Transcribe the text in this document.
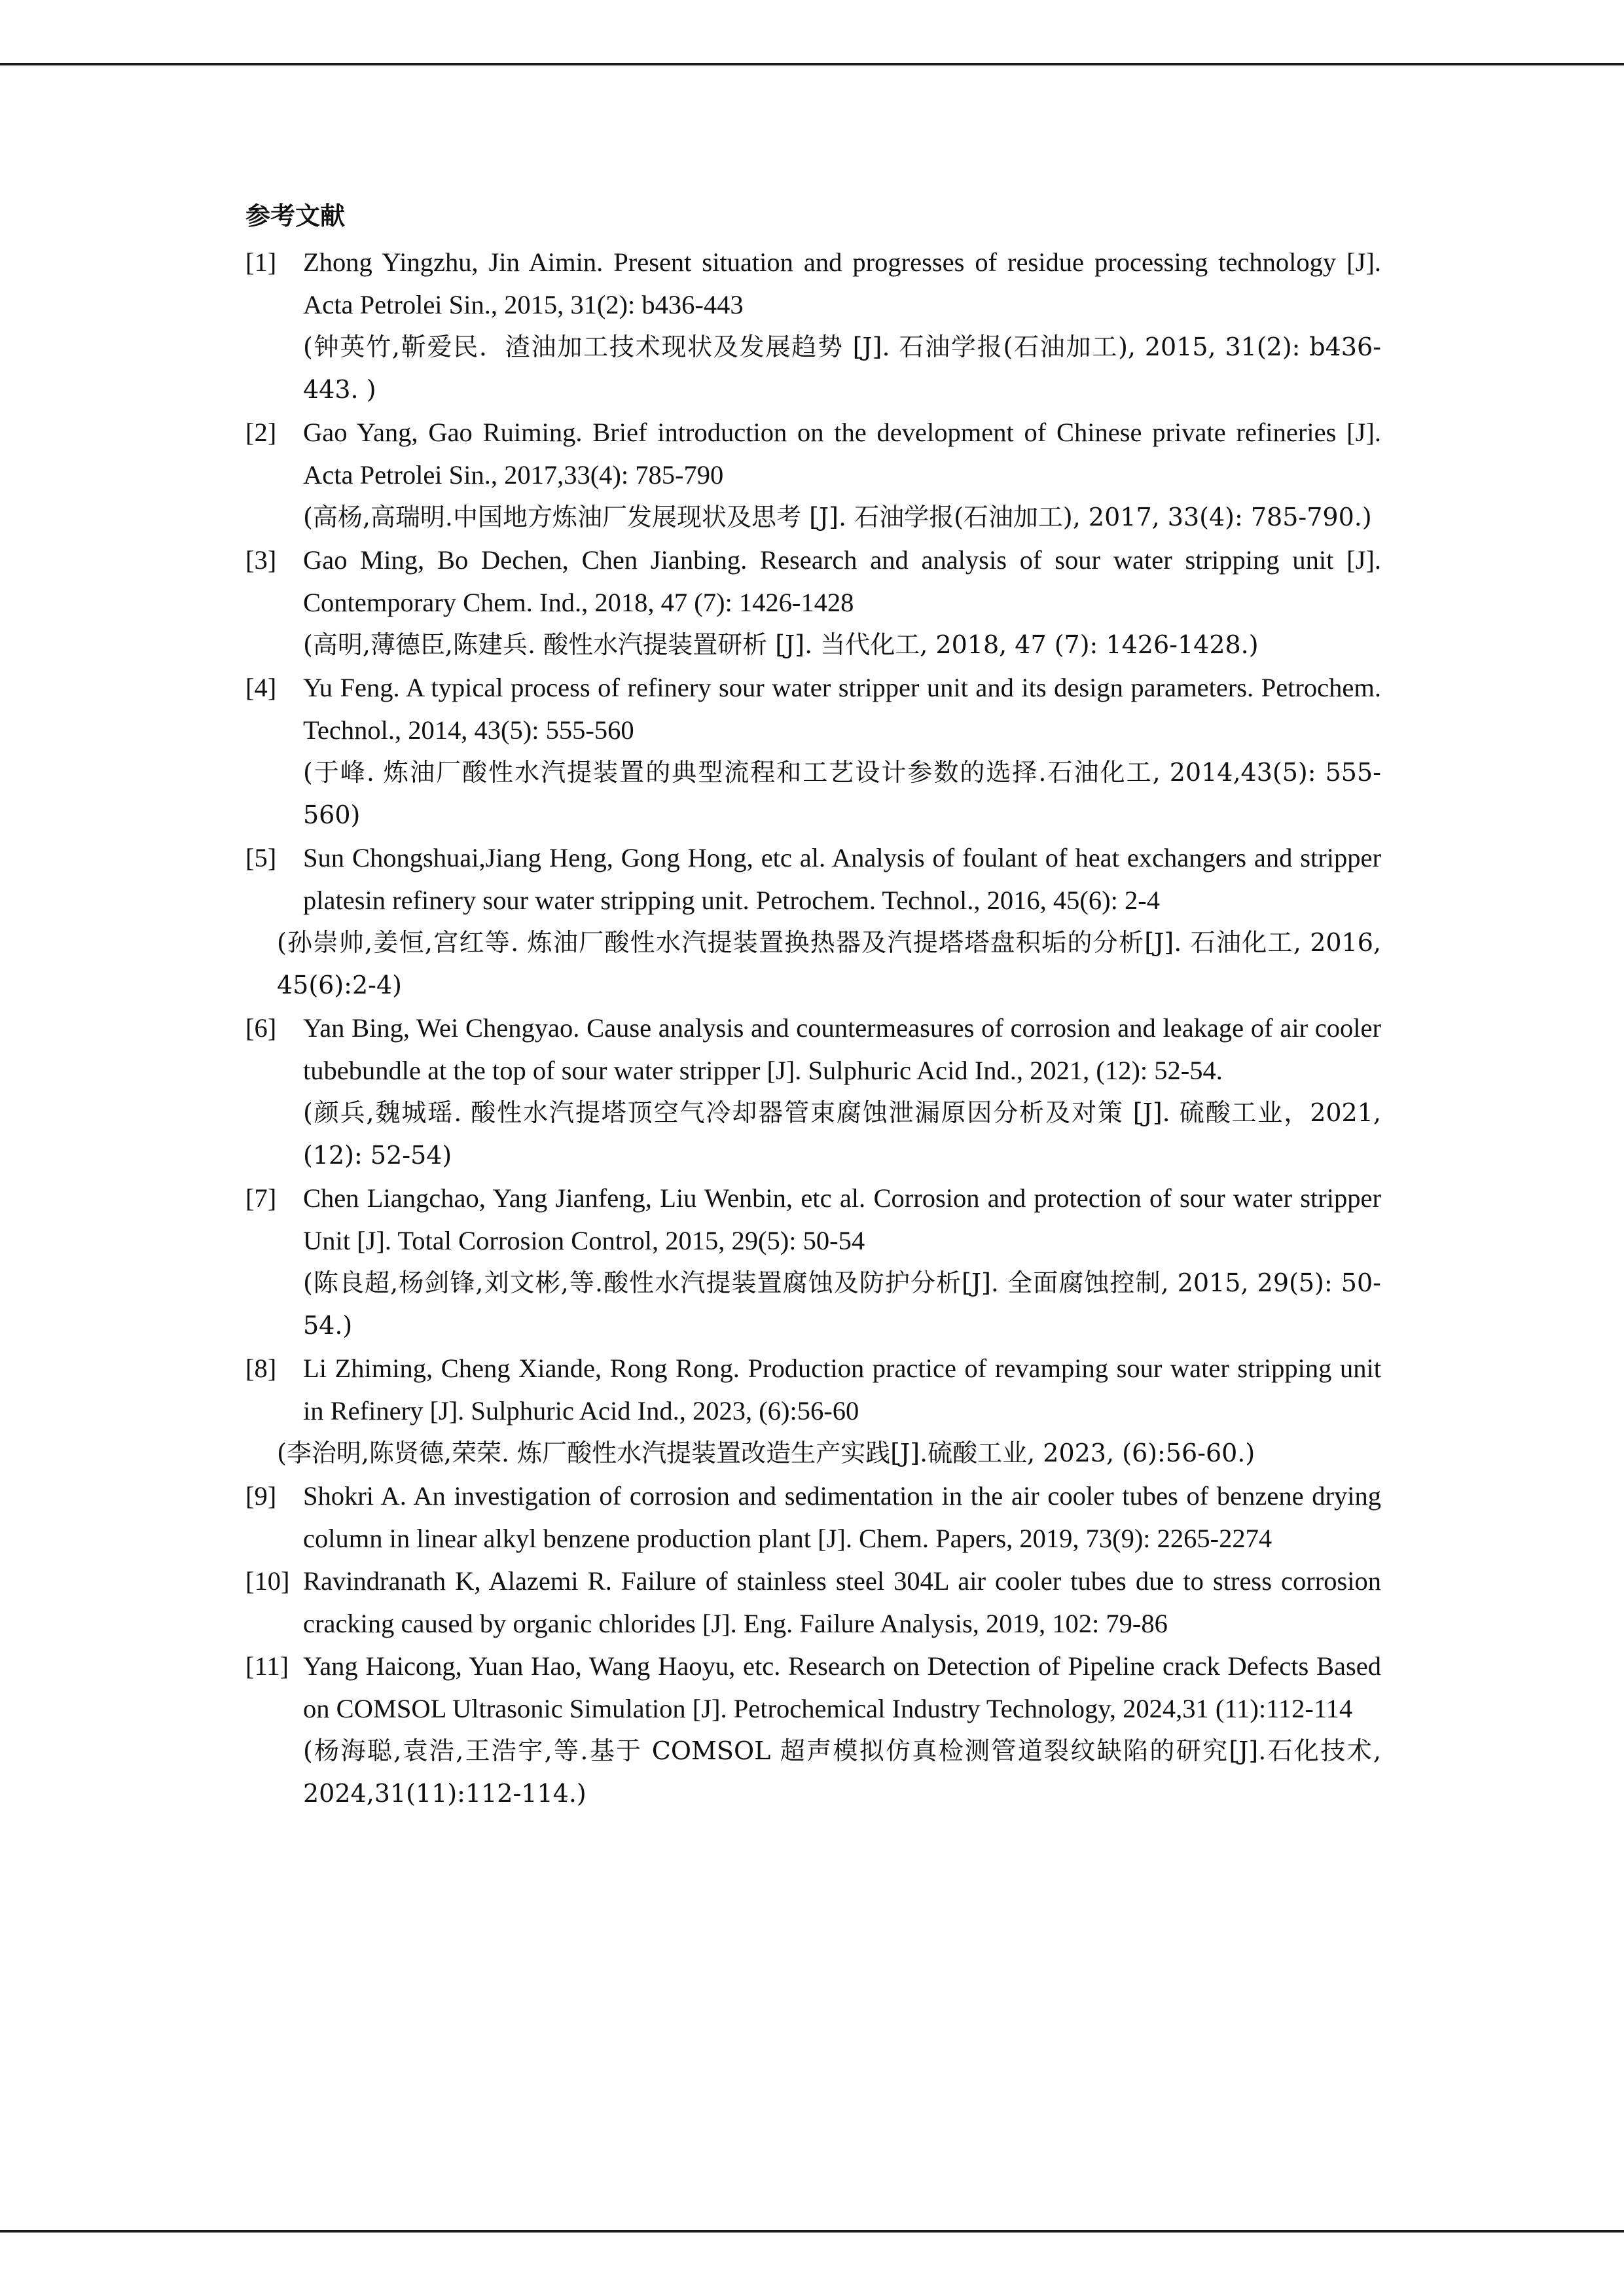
参考文献
[1] Zhong Yingzhu, Jin Aimin. Present situation and progresses of residue processing technology [J]. Acta Petrolei Sin., 2015, 31(2): b436-443
(钟英竹,靳爱民．渣油加工技术现状及发展趋势 [J]. 石油学报(石油加工), 2015, 31(2): b436-443. )
[2] Gao Yang, Gao Ruiming. Brief introduction on the development of Chinese private refineries [J]. Acta Petrolei Sin., 2017,33(4): 785-790
(高杨,高瑞明.中国地方炼油厂发展现状及思考 [J]. 石油学报(石油加工), 2017, 33(4): 785-790.)
[3] Gao Ming, Bo Dechen, Chen Jianbing. Research and analysis of sour water stripping unit [J]. Contemporary Chem. Ind., 2018, 47 (7): 1426-1428
(高明,薄德臣,陈建兵. 酸性水汽提装置研析 [J]. 当代化工, 2018, 47 (7): 1426-1428.)
[4] Yu Feng. A typical process of refinery sour water stripper unit and its design parameters. Petrochem. Technol., 2014, 43(5): 555-560
(于峰. 炼油厂酸性水汽提装置的典型流程和工艺设计参数的选择.石油化工, 2014,43(5): 555-560)
[5] Sun Chongshuai,Jiang Heng, Gong Hong, etc al. Analysis of foulant of heat exchangers and stripper platesin refinery sour water stripping unit. Petrochem. Technol., 2016, 45(6): 2-4
(孙崇帅,姜恒,宫红等. 炼油厂酸性水汽提装置换热器及汽提塔塔盘积垢的分析[J]. 石油化工, 2016, 45(6):2-4)
[6] Yan Bing, Wei Chengyao. Cause analysis and countermeasures of corrosion and leakage of air cooler tubebundle at the top of sour water stripper [J]. Sulphuric Acid Ind., 2021, (12): 52-54.
(颜兵,魏城瑶. 酸性水汽提塔顶空气冷却器管束腐蚀泄漏原因分析及对策 [J]. 硫酸工业，2021, (12): 52-54)
[7] Chen Liangchao, Yang Jianfeng, Liu Wenbin, etc al. Corrosion and protection of sour water stripper Unit [J]. Total Corrosion Control, 2015, 29(5): 50-54
(陈良超,杨剑锋,刘文彬,等.酸性水汽提装置腐蚀及防护分析[J]. 全面腐蚀控制, 2015, 29(5): 50-54.)
[8] Li Zhiming, Cheng Xiande, Rong Rong. Production practice of revamping sour water stripping unit in Refinery [J]. Sulphuric Acid Ind., 2023, (6):56-60
(李治明,陈贤德,荣荣. 炼厂酸性水汽提装置改造生产实践[J].硫酸工业, 2023, (6):56-60.)
[9] Shokri A. An investigation of corrosion and sedimentation in the air cooler tubes of benzene drying column in linear alkyl benzene production plant [J]. Chem. Papers, 2019, 73(9): 2265-2274
[10] Ravindranath K, Alazemi R. Failure of stainless steel 304L air cooler tubes due to stress corrosion cracking caused by organic chlorides [J]. Eng. Failure Analysis, 2019, 102: 79-86
[11] Yang Haicong, Yuan Hao, Wang Haoyu, etc. Research on Detection of Pipeline crack Defects Based on COMSOL Ultrasonic Simulation [J]. Petrochemical Industry Technology, 2024,31 (11):112-114
(杨海聪,袁浩,王浩宇,等.基于 COMSOL 超声模拟仿真检测管道裂纹缺陷的研究[J].石化技术, 2024,31(11):112-114.)
